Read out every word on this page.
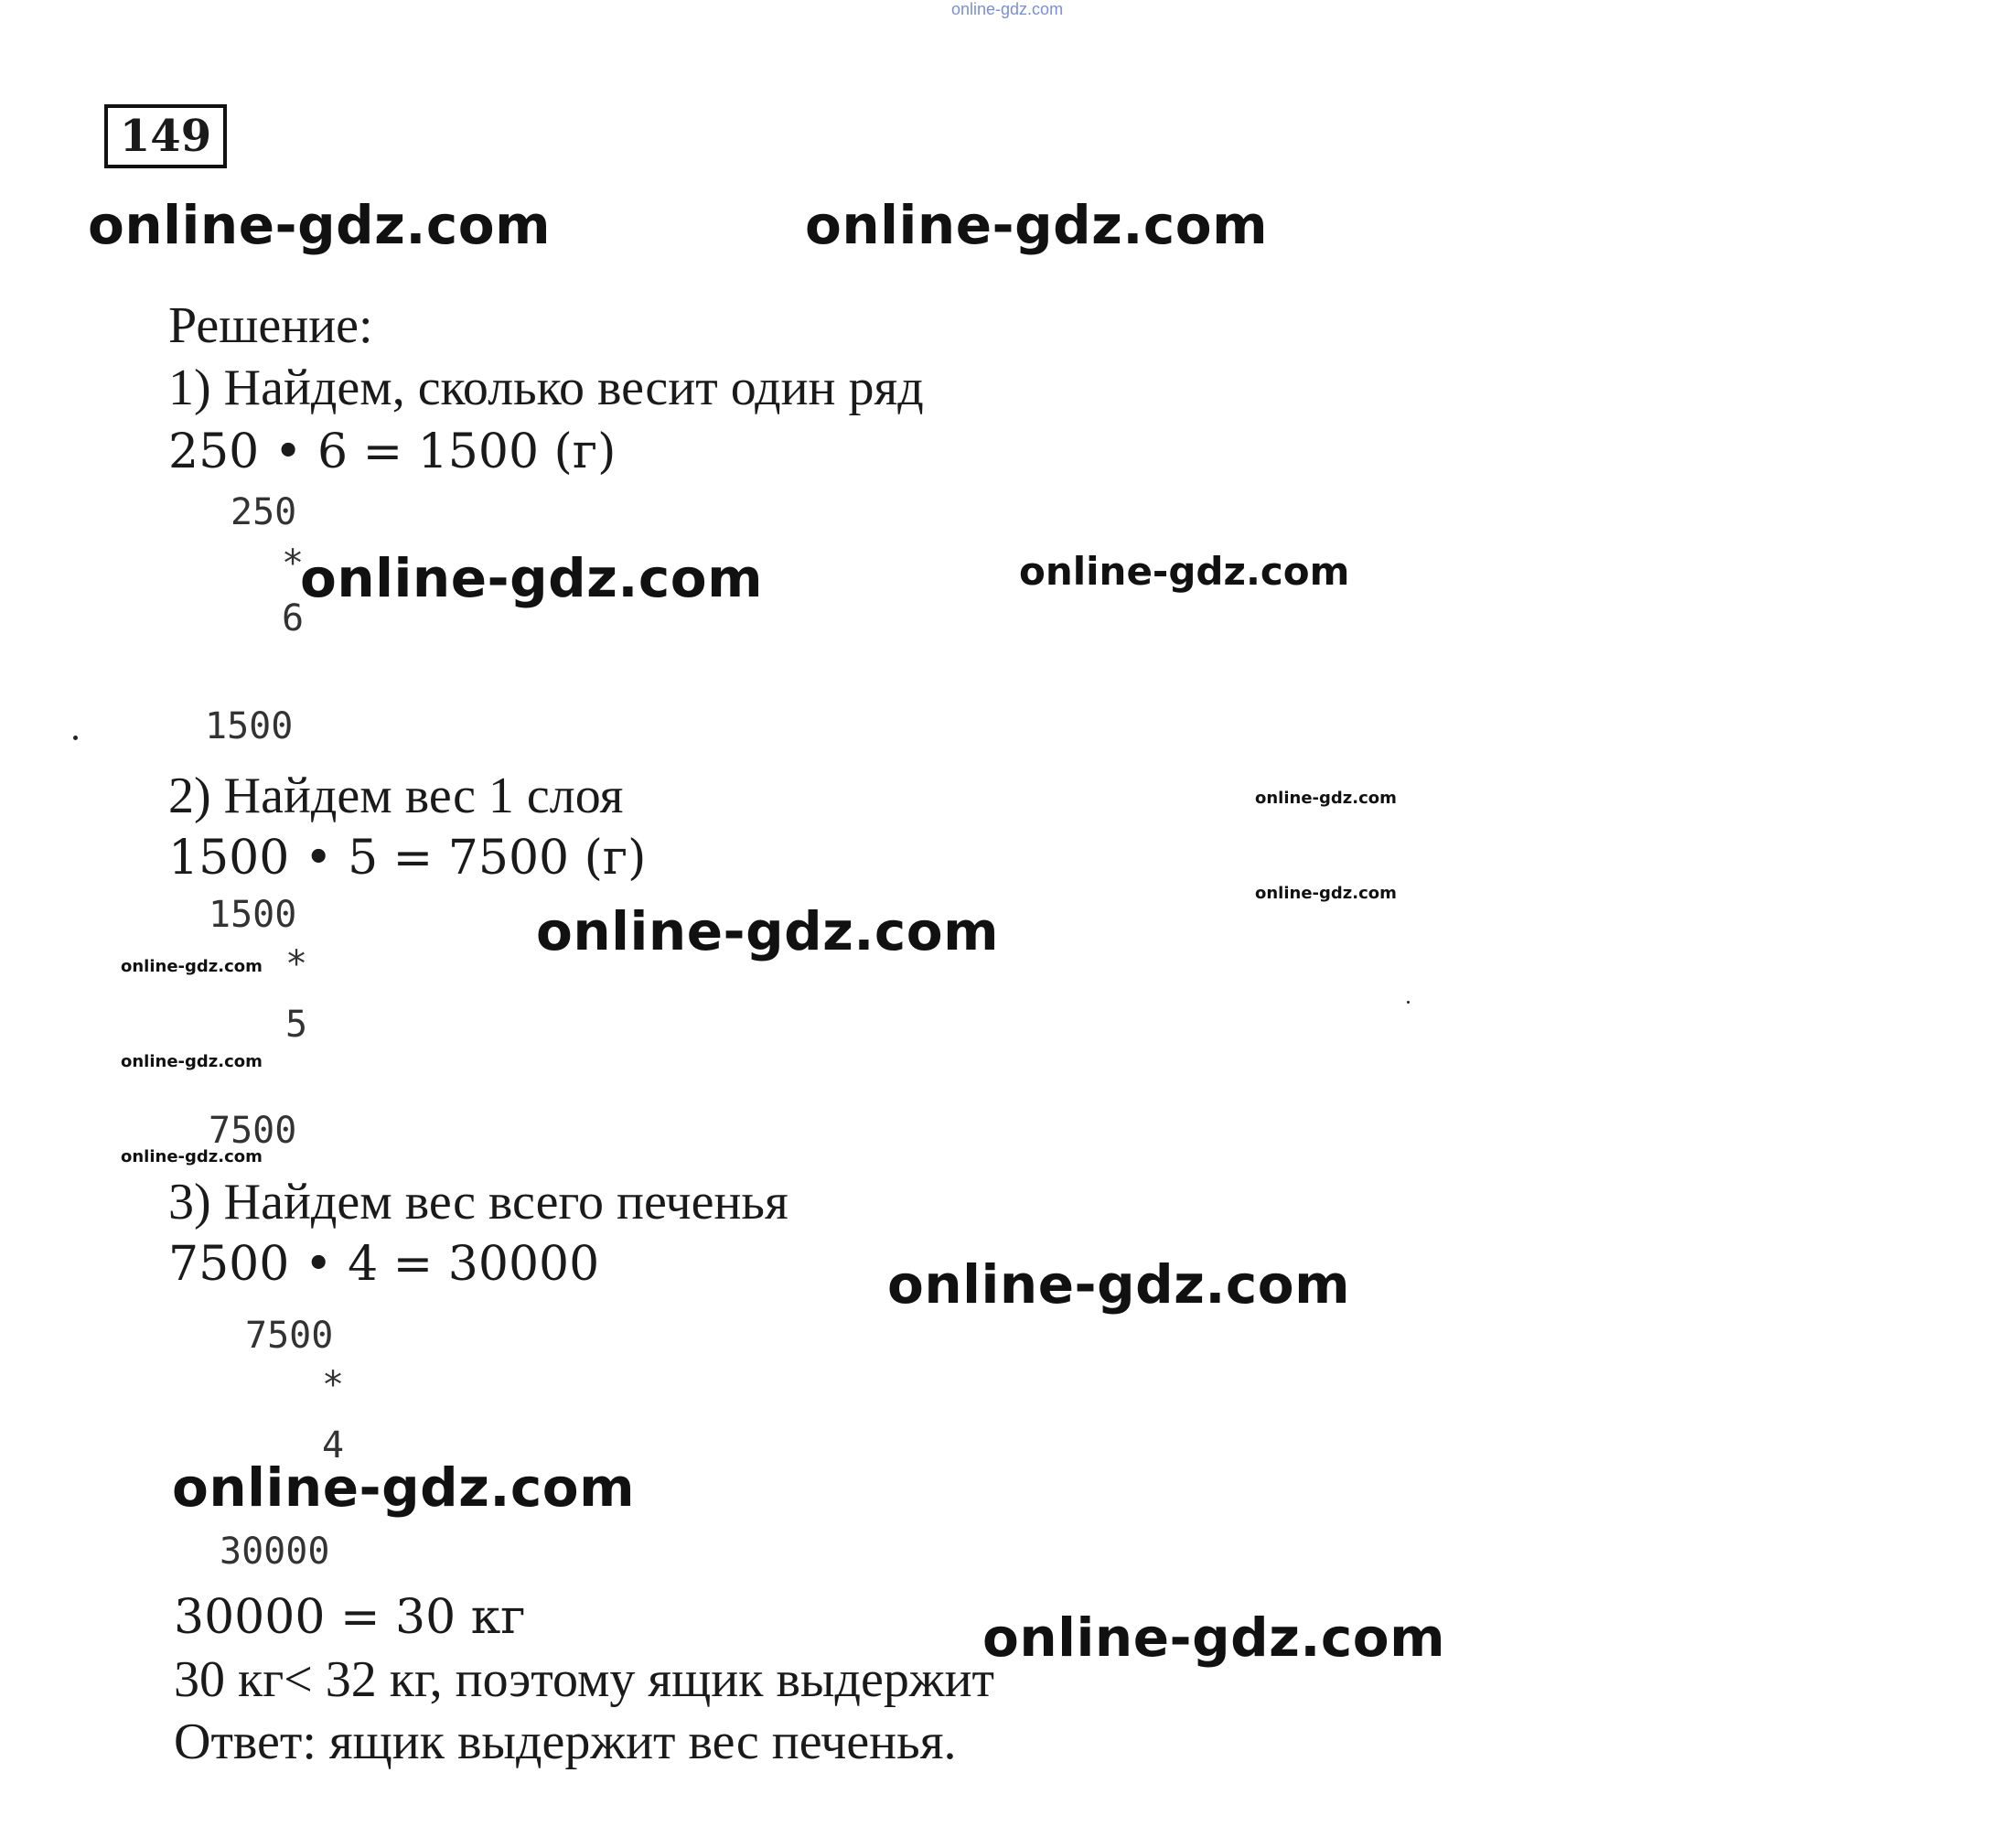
online-gdz.com
149
online-gdz.com	online-gdz.com
Решение:
1) Найдем, сколько весит один ряд
250 • 6 = 1500 (г)
250
*
6
1500
online-gdz.com	online-gdz.com
2) Найдем вес 1 слоя
1500 • 5 = 7500 (г)
online-gdz.com
online-gdz.com
1500
*
5
7500
online-gdz.com
online-gdz.com
online-gdz.com
online-gdz.com
3) Найдем вес всего печенья
7500 • 4 = 30000	online-gdz.com
7500
*
4
30000
online-gdz.com
30000 = 30 кг
30 кг< 32 кг, поэтому ящик выдержит
Ответ: ящик выдержит вес печенья.
online-gdz.com
